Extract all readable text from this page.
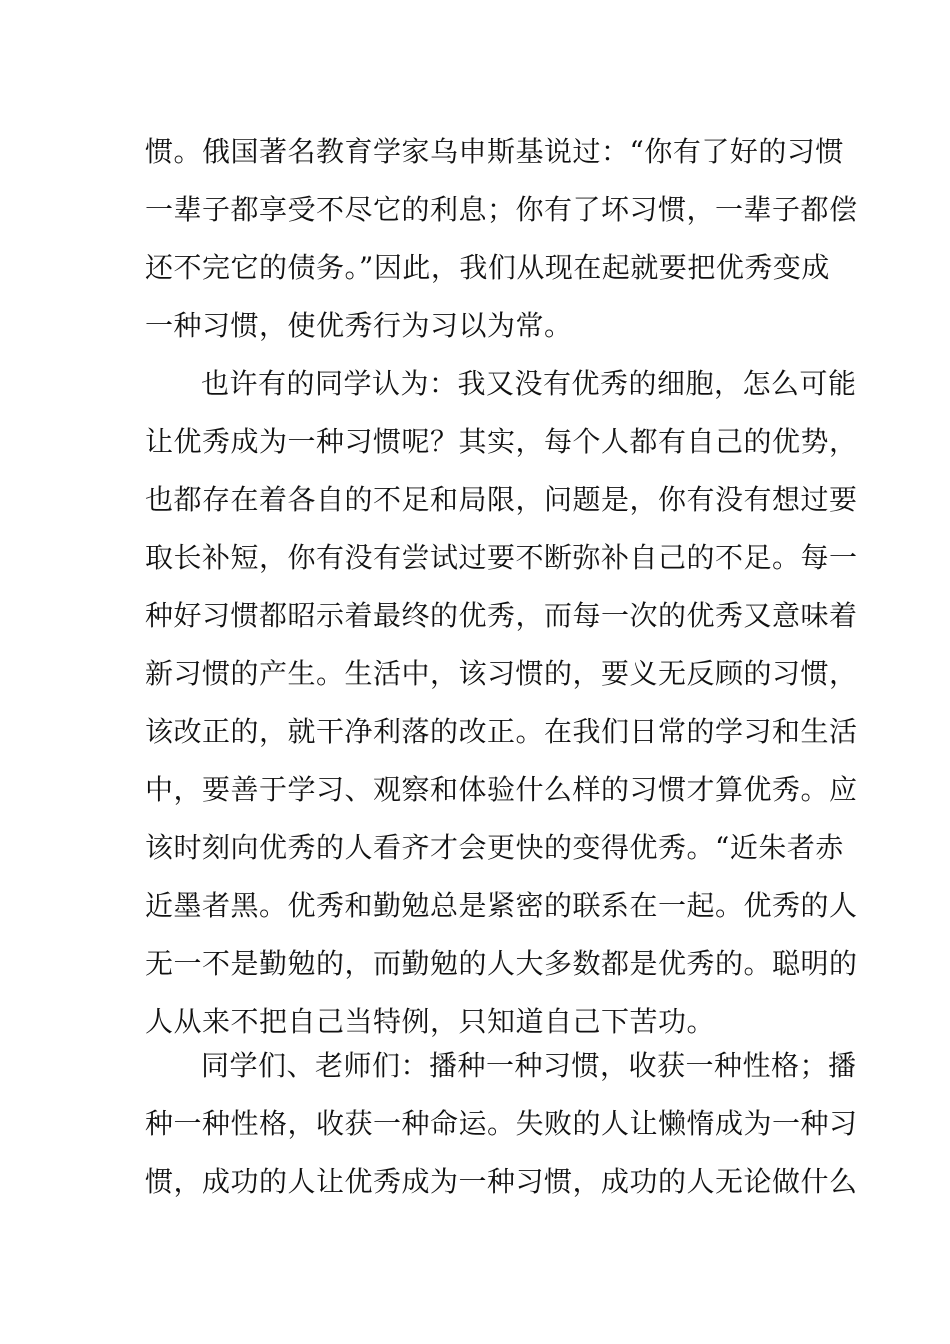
惯。俄国著名教育学家乌申斯基说过：“你有了好的习惯
一辈子都享受不尽它的利息；你有了坏习惯，一辈子都偿
还不完它的债务。”因此，我们从现在起就要把优秀变成
一种习惯，使优秀行为习以为常。
也许有的同学认为：我又没有优秀的细胞，怎么可能
让优秀成为一种习惯呢？其实，每个人都有自己的优势，
也都存在着各自的不足和局限，问题是，你有没有想过要
取长补短，你有没有尝试过要不断弥补自己的不足。每一
种好习惯都昭示着最终的优秀，而每一次的优秀又意味着
新习惯的产生。生活中，该习惯的，要义无反顾的习惯，
该改正的，就干净利落的改正。在我们日常的学习和生活
中，要善于学习、观察和体验什么样的习惯才算优秀。应
该时刻向优秀的人看齐才会更快的变得优秀。“近朱者赤
近墨者黑。优秀和勤勉总是紧密的联系在一起。优秀的人
无一不是勤勉的，而勤勉的人大多数都是优秀的。聪明的
人从来不把自己当特例，只知道自己下苦功。
同学们、老师们：播种一种习惯，收获一种性格；播
种一种性格，收获一种命运。失败的人让懒惰成为一种习
惯，成功的人让优秀成为一种习惯，成功的人无论做什么
